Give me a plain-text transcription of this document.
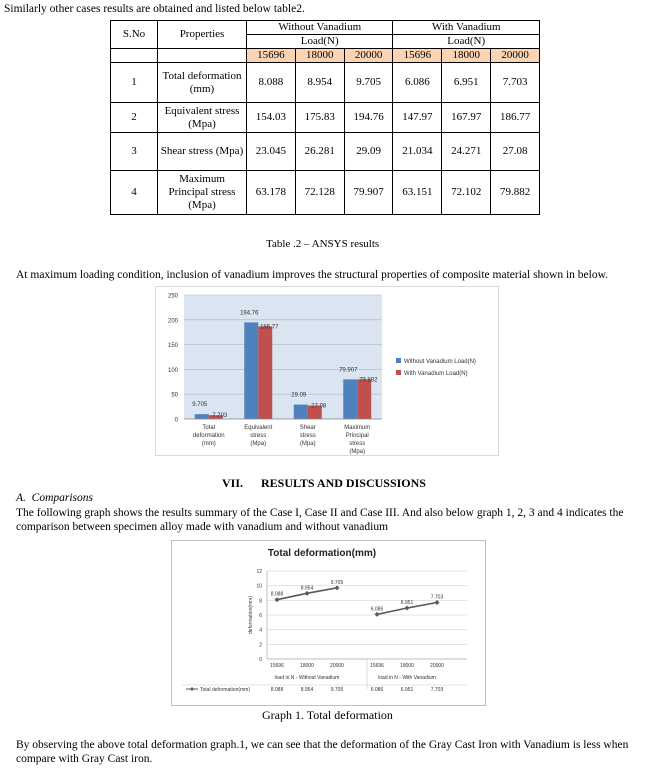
Similarly other cases results are obtained and listed below table2.
S.No	Properties	Without Vanadium			With Vanadium		
		Load(N)			Load(N)		
		15696	18000	20000	15696	18000	20000
1	Total deformation (mm)	8.088	8.954	9.705	6.086	6.951	7.703
2	Equivalent stress (Mpa)	154.03	175.83	194.76	147.97	167.97	186.77
3	Shear stress (Mpa)	23.045	26.281	29.09	21.034	24.271	27.08
4	Maximum Principal stress (Mpa)	63.178	72.128	79.907	63.151	72.102	79.882
Table .2 – ANSYS results
At maximum loading condition, inclusion of vanadium improves the structural properties of composite material shown in below.
0
50
100
150
200
250
9.705
7.703
Total
deformation
(mm)
194.76
186.77
Equivalent
stress
(Mpa)
29.09
27.08
Shear
stress
(Mpa)
79.907
79.882
Maximum
Principal
stress
(Mpa)
Without Vanadium Load(N)
With Vanadium Load(N)
VII.      RESULTS AND DISCUSSIONS
A.  Comparisons
The following graph shows the results summary of the Case I, Case II and Case III. And also below graph 1, 2, 3 and 4 indicates the comparison between specimen alloy made with vanadium and without vanadium
Total deformation(mm)
deformation(mm)
0
2
4
6
8
10
12
8.088
15696
8.954
18000
9.705
20000
load in N - Without Vanadium
6.086
15696
6.951
18000
7.703
20000
load in N - With Vanadium
Total deformation(mm)	8.088	8.954	9.705	6.086	6.951	7.703
Graph 1. Total deformation
By observing the above total deformation graph.1, we can see that the deformation of the Gray Cast Iron with Vanadium is less when compare with Gray Cast iron.
